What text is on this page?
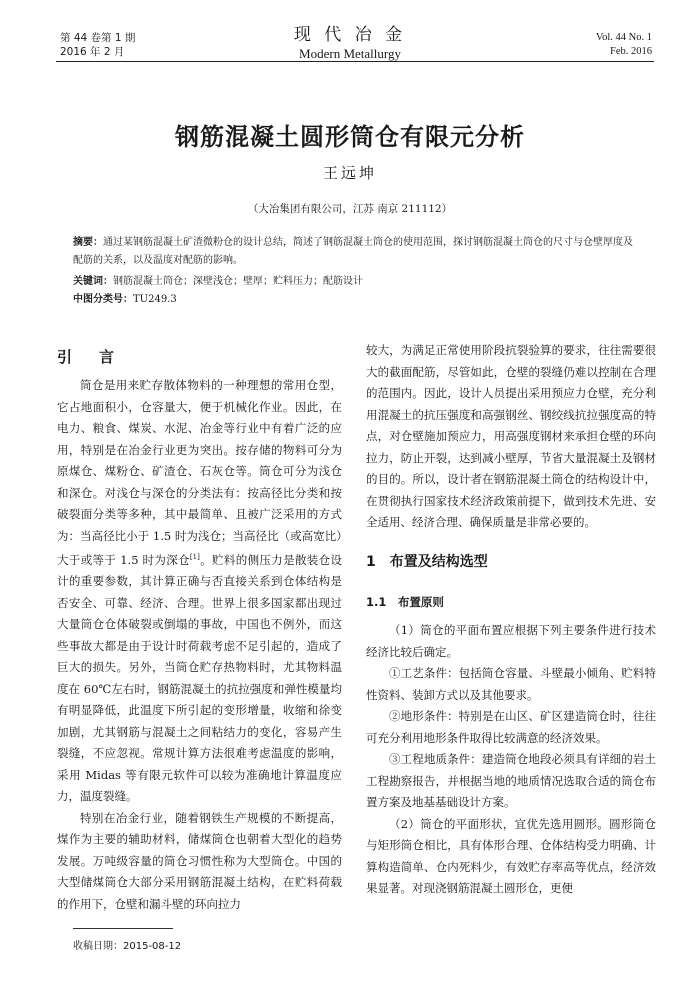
第 44 卷第 1 期
2016 年 2 月
现 代 冶 金
Modern Metallurgy
Vol. 44 No. 1
Feb. 2016
钢筋混凝土圆形筒仓有限元分析
王远坤
（大冶集团有限公司，江苏 南京 211112）
摘要：通过某钢筋混凝土矿渣微粉仓的设计总结，简述了钢筋混凝土筒仓的使用范围，探讨钢筋混凝土筒仓的尺寸与仓壁厚度及配筋的关系，以及温度对配筋的影响。
关键词：钢筋混凝土筒仓；深壁浅仓；壁厚；贮料压力；配筋设计
中图分类号：TU249.3
引　言

筒仓是用来贮存散体物料的一种理想的常用仓型，它占地面积小，仓容量大，便于机械化作业。因此，在电力、粮食、煤炭、水泥、冶金等行业中有着广泛的应用，特别是在冶金行业更为突出。按存储的物料可分为原煤仓、煤粉仓、矿渣仓、石灰仓等。筒仓可分为浅仓和深仓。对浅仓与深仓的分类法有：按高径比分类和按破裂面分类等多种，其中最简单、且被广泛采用的方式为：当高径比小于 1.5 时为浅仓；当高径比（或高宽比）大于或等于 1.5 时为深仓[1]。贮料的侧压力是散装仓设计的重要参数，其计算正确与否直接关系到仓体结构是否安全、可靠、经济、合理。世界上很多国家都出现过大量筒仓仓体破裂或倒塌的事故，中国也不例外，而这些事故大都是由于设计时荷载考虑不足引起的，造成了巨大的损失。另外，当筒仓贮存热物料时，尤其物料温度在 60℃左右时，钢筋混凝土的抗拉强度和弹性模量均有明显降低，此温度下所引起的变形增量，收缩和徐变加剧，尤其钢筋与混凝土之间粘结力的变化，容易产生裂缝，不应忽视。常规计算方法很难考虑温度的影响，采用 Midas 等有限元软件可以较为准确地计算温度应力，温度裂缝。

特别在冶金行业，随着钢铁生产规模的不断提高，煤作为主要的辅助材料，储煤筒仓也朝着大型化的趋势发展。万吨级容量的筒仓习惯性称为大型筒仓。中国的大型储煤筒仓大部分采用钢筋混凝土结构，在贮料荷载的作用下，仓壁和漏斗壁的环向拉力

较大，为满足正常使用阶段抗裂验算的要求，往往需要很大的截面配筋，尽管如此，仓壁的裂缝仍难以控制在合理的范围内。因此，设计人员提出采用预应力仓壁，充分利用混凝土的抗压强度和高强钢丝、钢绞线抗拉强度高的特点，对仓壁施加预应力，用高强度钢材来承担仓壁的环向拉力，防止开裂，达到减小壁厚，节省大量混凝土及钢材的目的。所以，设计者在钢筋混凝土筒仓的结构设计中，在贯彻执行国家技术经济政策前提下，做到技术先进、安全适用、经济合理、确保质量是非常必要的。

1　布置及结构选型
1.1　布置原则

（1）筒仓的平面布置应根据下列主要条件进行技术经济比较后确定。

①工艺条件：包括筒仓容量、斗壁最小倾角、贮料特性资料、装卸方式以及其他要求。

②地形条件：特别是在山区、矿区建造筒仓时，往往可充分利用地形条件取得比较满意的经济效果。

③工程地质条件：建造筒仓地段必须具有详细的岩土工程勘察报告，并根据当地的地质情况选取合适的筒仓布置方案及地基基础设计方案。

（2）筒仓的平面形状，宜优先选用圆形。圆形筒仓与矩形筒仓相比，具有体形合理、仓体结构受力明确、计算构造简单、仓内死料少，有效贮存率高等优点，经济效果显著。对现浇钢筋混凝土圆形仓，更便

收稿日期：2015-08-12
